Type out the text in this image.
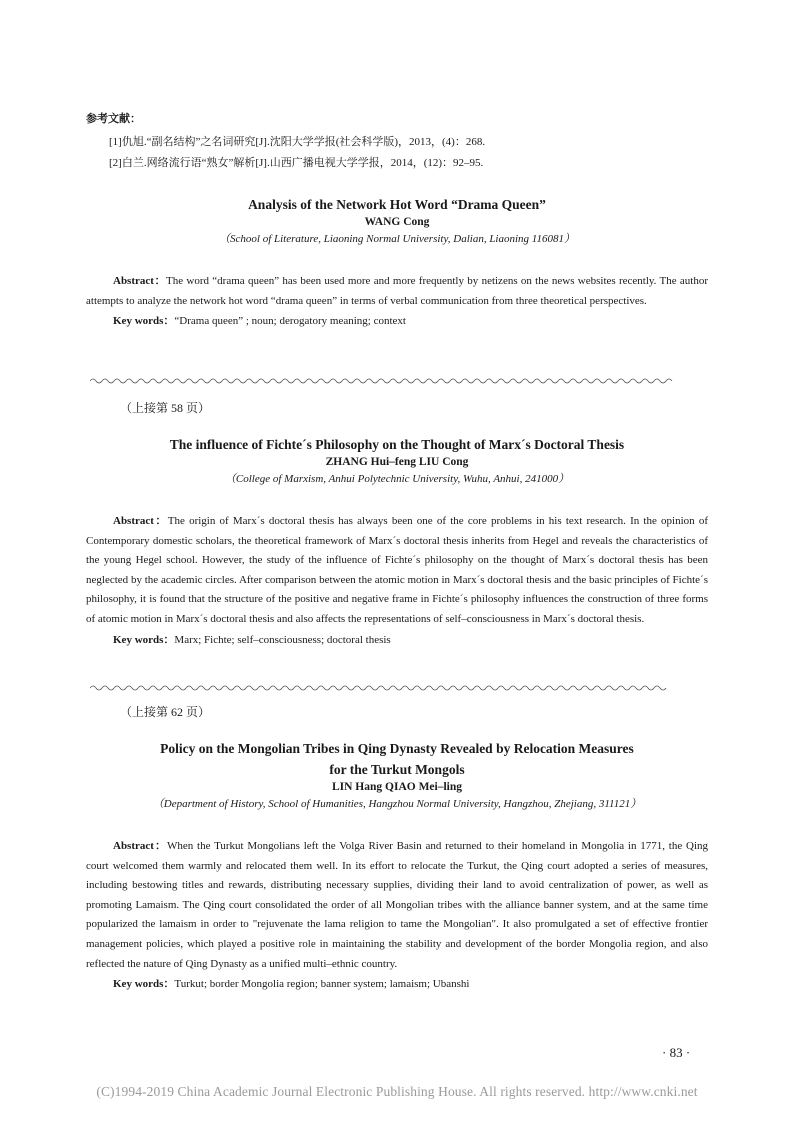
参考文献：
[1]仇旭.“副名结构”之名词研究[J].沈阳大学学报(社会科学版)，2013，(4)：268.
[2]白兰.网络流行语“熟女”解析[J].山西广播电视大学学报，2014，(12)：92–95.
Analysis of the Network Hot Word “Drama Queen”
WANG Cong
（School of Literature, Liaoning Normal University, Dalian, Liaoning 116081）
Abstract：The word “drama queen” has been used more and more frequently by netizens on the news websites recently. The author attempts to analyze the network hot word “drama queen” in terms of verbal communication from three theoretical perspectives.
Key words：“Drama queen” ; noun; derogatory meaning; context
（上接第 58 页）
The influence of Fichte´s Philosophy on the Thought of Marx´s Doctoral Thesis
ZHANG Hui–feng LIU Cong
（College of Marxism, Anhui Polytechnic University, Wuhu, Anhui, 241000）
Abstract：The origin of Marx´s doctoral thesis has always been one of the core problems in his text research. In the opinion of Contemporary domestic scholars, the theoretical framework of Marx´s doctoral thesis inherits from Hegel and reveals the characteristics of the young Hegel school. However, the study of the influence of Fichte´s philosophy on the thought of Marx´s doctoral thesis has been neglected by the academic circles. After comparison between the atomic motion in Marx´s doctoral thesis and the basic principles of Fichte´s philosophy, it is found that the structure of the positive and negative frame in Fichte´s philosophy influences the construction of three forms of atomic motion in Marx´s doctoral thesis and also affects the representations of self–consciousness in Marx´s doctoral thesis.
Key words：Marx; Fichte; self–consciousness; doctoral thesis
（上接第 62 页）
Policy on the Mongolian Tribes in Qing Dynasty Revealed by Relocation Measures
for the Turkut Mongols
LIN Hang QIAO Mei–ling
（Department of History, School of Humanities, Hangzhou Normal University, Hangzhou, Zhejiang, 311121）
Abstract：When the Turkut Mongolians left the Volga River Basin and returned to their homeland in Mongolia in 1771, the Qing court welcomed them warmly and relocated them well. In its effort to relocate the Turkut, the Qing court adopted a series of measures, including bestowing titles and rewards, distributing necessary supplies, dividing their land to avoid centralization of power, as well as promoting Lamaism. The Qing court consolidated the order of all Mongolian tribes with the alliance banner system, and at the same time popularized the lamaism in order to "rejuvenate the lama religion to tame the Mongolian". It also promulgated a set of effective frontier management policies, which played a positive role in maintaining the stability and development of the border Mongolia region, and also reflected the nature of Qing Dynasty as a unified multi–ethnic country.
Key words：Turkut; border Mongolia region; banner system; lamaism; Ubanshi
· 83 ·
(C)1994-2019 China Academic Journal Electronic Publishing House. All rights reserved. http://www.cnki.net
